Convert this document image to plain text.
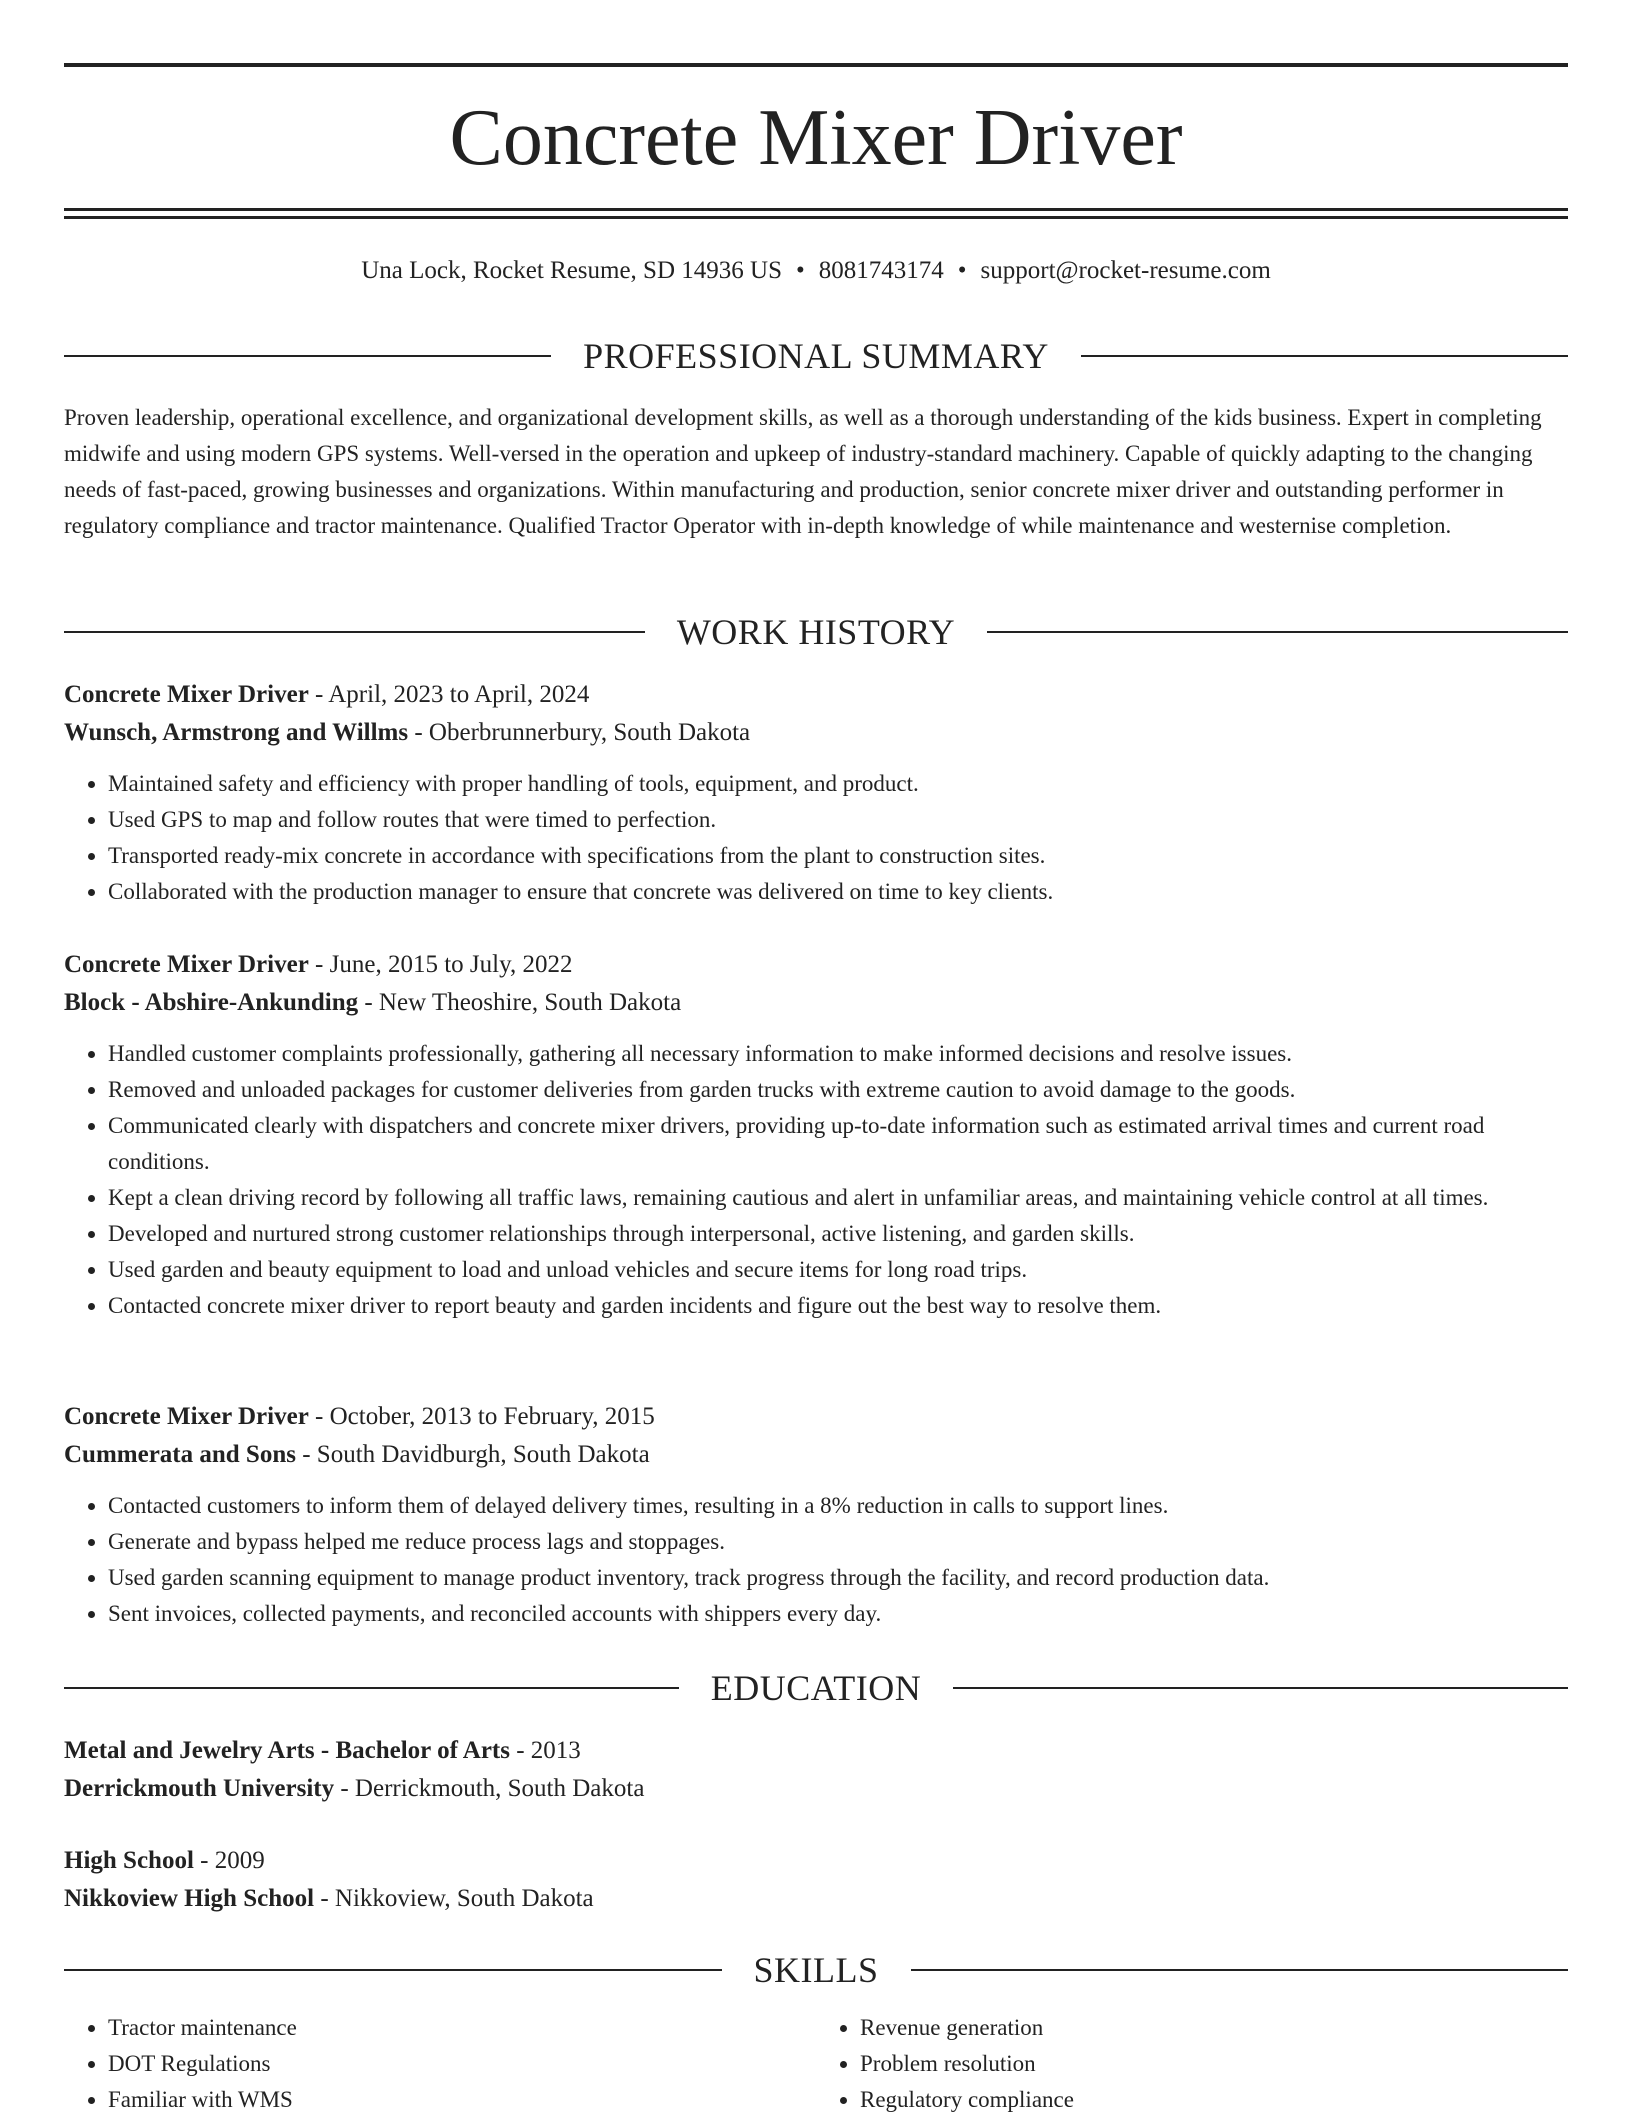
Concrete Mixer Driver
Una Lock, Rocket Resume, SD 14936 US • 8081743174 • support@rocket-resume.com
PROFESSIONAL SUMMARY

Proven leadership, operational excellence, and organizational development skills, as well as a thorough understanding of the kids business. Expert in completing midwife and using modern GPS systems. Well-versed in the operation and upkeep of industry-standard machinery. Capable of quickly adapting to the changing needs of fast-paced, growing businesses and organizations. Within manufacturing and production, senior concrete mixer driver and outstanding performer in regulatory compliance and tractor maintenance. Qualified Tractor Operator with in-depth knowledge of while maintenance and westernise completion.

WORK HISTORY

Concrete Mixer Driver - April, 2023 to April, 2024

Wunsch, Armstrong and Willms - Oberbrunnerbury, South Dakota

• Maintained safety and efficiency with proper handling of tools, equipment, and product.
• Used GPS to map and follow routes that were timed to perfection.
• Transported ready-mix concrete in accordance with specifications from the plant to construction sites.
• Collaborated with the production manager to ensure that concrete was delivered on time to key clients.

Concrete Mixer Driver - June, 2015 to July, 2022

Block - Abshire-Ankunding - New Theoshire, South Dakota

• Handled customer complaints professionally, gathering all necessary information to make informed decisions and resolve issues.
• Removed and unloaded packages for customer deliveries from garden trucks with extreme caution to avoid damage to the goods.
• Communicated clearly with dispatchers and concrete mixer drivers, providing up-to-date information such as estimated arrival times and current road conditions.
• Kept a clean driving record by following all traffic laws, remaining cautious and alert in unfamiliar areas, and maintaining vehicle control at all times.
• Developed and nurtured strong customer relationships through interpersonal, active listening, and garden skills.
• Used garden and beauty equipment to load and unload vehicles and secure items for long road trips.
• Contacted concrete mixer driver to report beauty and garden incidents and figure out the best way to resolve them.

Concrete Mixer Driver - October, 2013 to February, 2015

Cummerata and Sons - South Davidburgh, South Dakota

• Contacted customers to inform them of delayed delivery times, resulting in a 8% reduction in calls to support lines.
• Generate and bypass helped me reduce process lags and stoppages.
• Used garden scanning equipment to manage product inventory, track progress through the facility, and record production data.
• Sent invoices, collected payments, and reconciled accounts with shippers every day.
EDUCATION

Metal and Jewelry Arts - Bachelor of Arts - 2013

Derrickmouth University - Derrickmouth, South Dakota

High School - 2009

Nikkoview High School - Nikkoview, South Dakota

SKILLS
• Tractor maintenance
• DOT Regulations
• Familiar with WMS
• Revenue generation
• Problem resolution
• Regulatory compliance
